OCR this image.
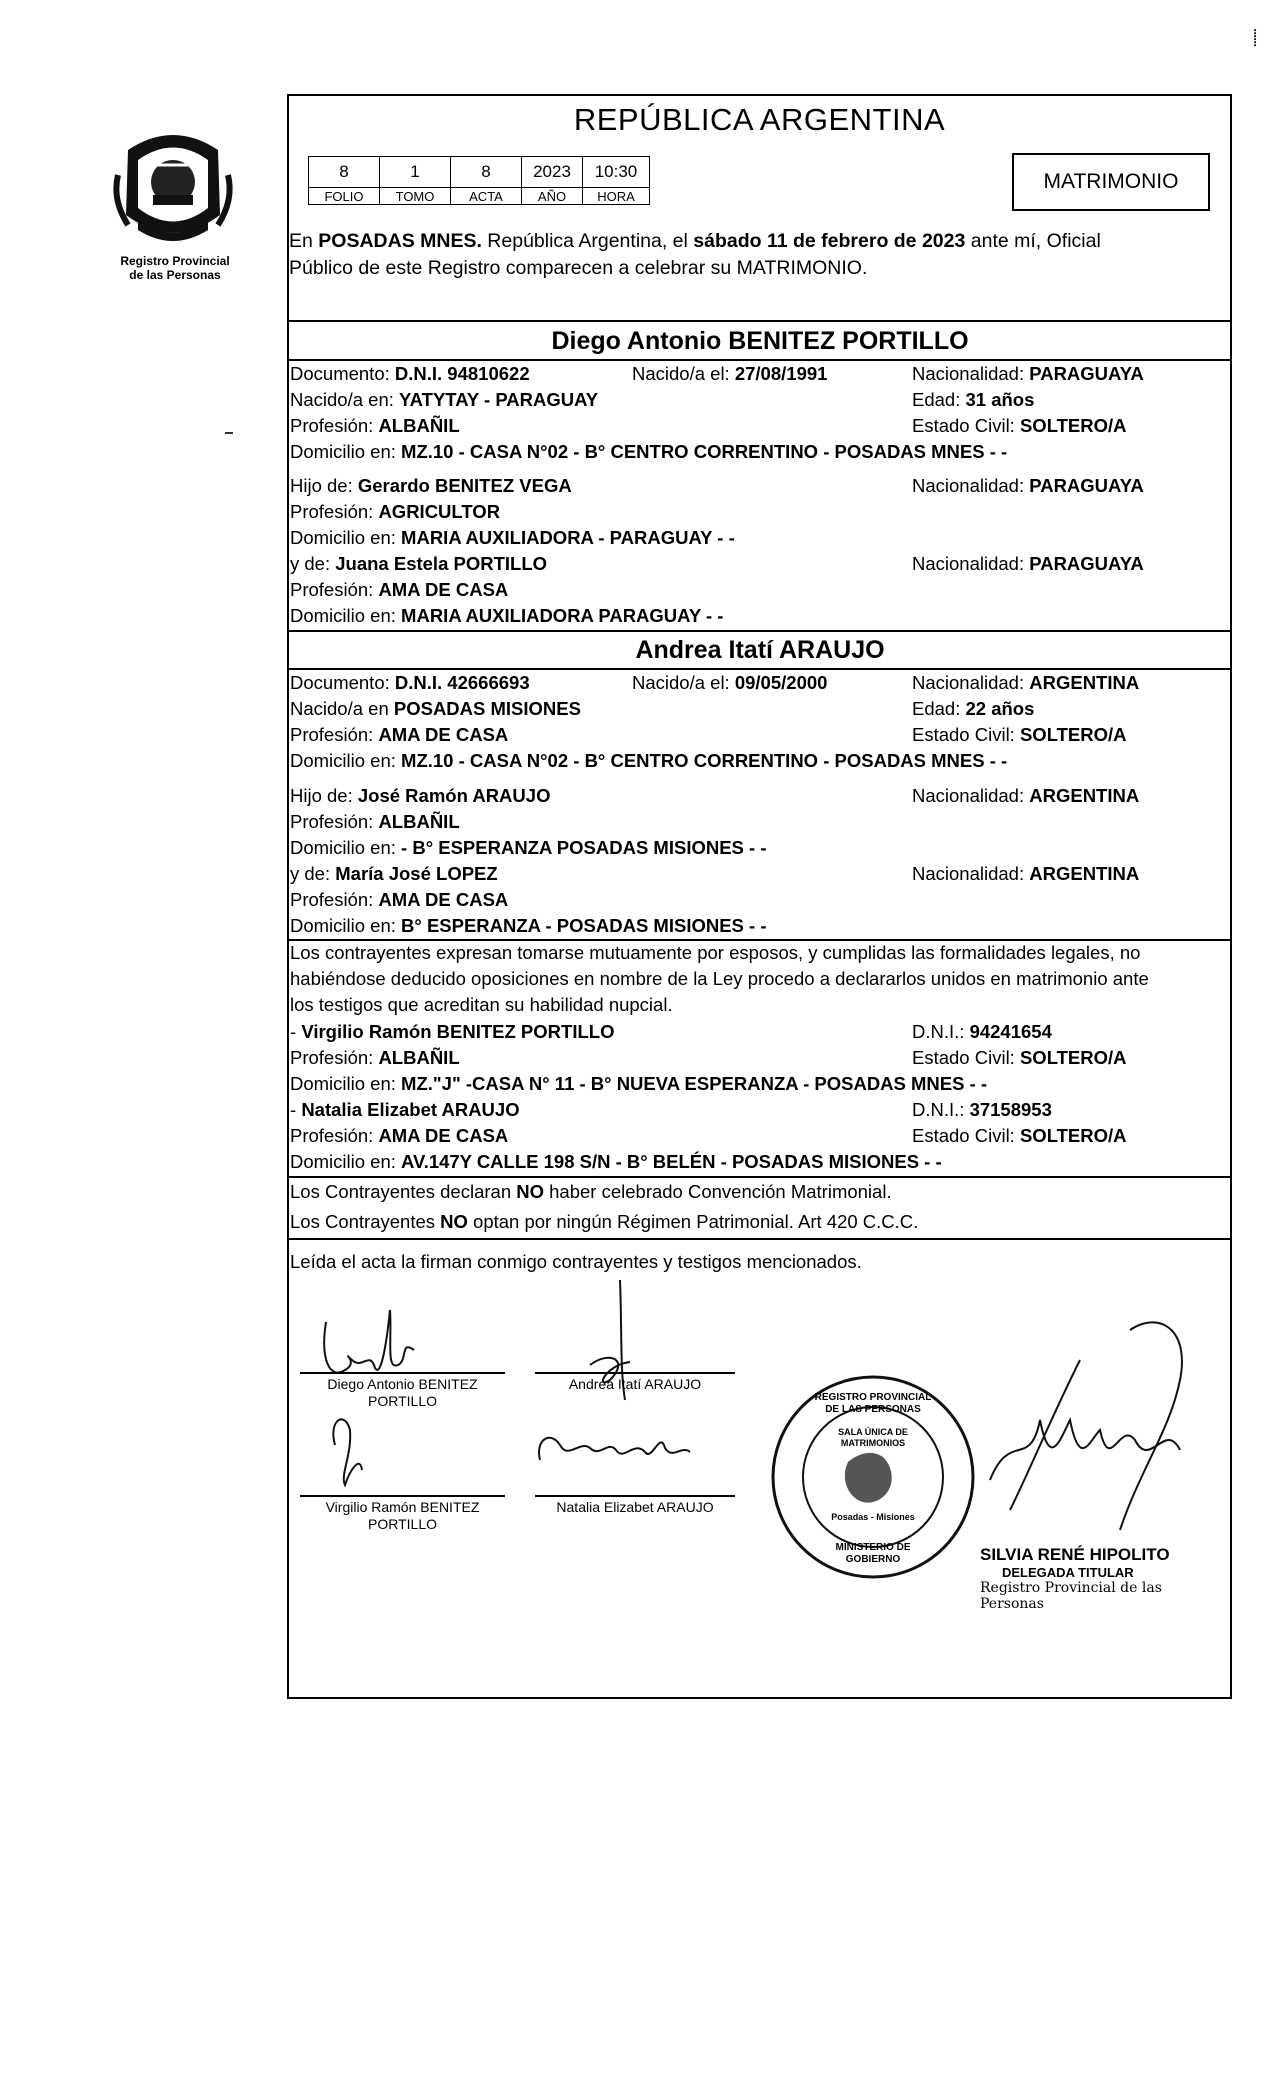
Registro Provincial
de las Personas
⸽
REPÚBLICA ARGENTINA
8	1	8	2023	10:30
FOLIO	TOMO	ACTA	AÑO	HORA
MATRIMONIO
En POSADAS MNES. República Argentina, el sábado 11 de febrero de 2023 ante mí, Oficial
Público de este Registro comparecen a celebrar su MATRIMONIO.
Diego Antonio BENITEZ PORTILLO
Documento: D.N.I. 94810622	Nacido/a el: 27/08/1991	Nacionalidad: PARAGUAYA
Nacido/a en: YATYTAY - PARAGUAY	Edad: 31 años
Profesión: ALBAÑIL	Estado Civil: SOLTERO/A
Domicilio en: MZ.10 - CASA N°02 - B° CENTRO CORRENTINO - POSADAS MNES - -
Hijo de: Gerardo BENITEZ VEGA	Nacionalidad: PARAGUAYA
Profesión: AGRICULTOR
Domicilio en: MARIA AUXILIADORA - PARAGUAY - -
y de: Juana Estela PORTILLO	Nacionalidad: PARAGUAYA
Profesión: AMA DE CASA
Domicilio en: MARIA AUXILIADORA PARAGUAY - -
Andrea Itatí ARAUJO
Documento: D.N.I. 42666693	Nacido/a el: 09/05/2000	Nacionalidad: ARGENTINA
Nacido/a en POSADAS MISIONES	Edad: 22 años
Profesión: AMA DE CASA	Estado Civil: SOLTERO/A
Domicilio en: MZ.10 - CASA N°02 - B° CENTRO CORRENTINO - POSADAS MNES - -
Hijo de: José Ramón ARAUJO	Nacionalidad: ARGENTINA
Profesión: ALBAÑIL
Domicilio en: - B° ESPERANZA POSADAS MISIONES - -
y de: María José LOPEZ	Nacionalidad: ARGENTINA
Profesión: AMA DE CASA
Domicilio en: B° ESPERANZA - POSADAS MISIONES - -
Los contrayentes expresan tomarse mutuamente por esposos, y cumplidas las formalidades legales, no
habiéndose deducido oposiciones en nombre de la Ley procedo a declararlos unidos en matrimonio ante
los testigos que acreditan su habilidad nupcial.
- Virgilio Ramón BENITEZ PORTILLO	D.N.I.: 94241654
Profesión: ALBAÑIL	Estado Civil: SOLTERO/A
Domicilio en: MZ."J" -CASA N° 11 - B° NUEVA ESPERANZA - POSADAS MNES - -
- Natalia Elizabet ARAUJO	D.N.I.: 37158953
Profesión: AMA DE CASA	Estado Civil: SOLTERO/A
Domicilio en: AV.147Y CALLE 198 S/N - B° BELÉN - POSADAS MISIONES - -
Los Contrayentes declaran NO haber celebrado Convención Matrimonial.
Los Contrayentes NO optan por ningún Régimen Patrimonial. Art 420 C.C.C.
Leída el acta la firman conmigo contrayentes y testigos mencionados.
Diego Antonio BENITEZ
PORTILLO
Andrea Itatí ARAUJO
Virgilio Ramón BENITEZ
PORTILLO
Natalia Elizabet ARAUJO
REGISTRO PROVINCIAL DE LAS PERSONAS
SALA ÚNICA DE MATRIMONIOS
Posadas - Misiones
MINISTERIO DE GOBIERNO	SILVIA RENÉ HIPOLITO
DELEGADA TITULAR
Registro Provincial de las Personas
